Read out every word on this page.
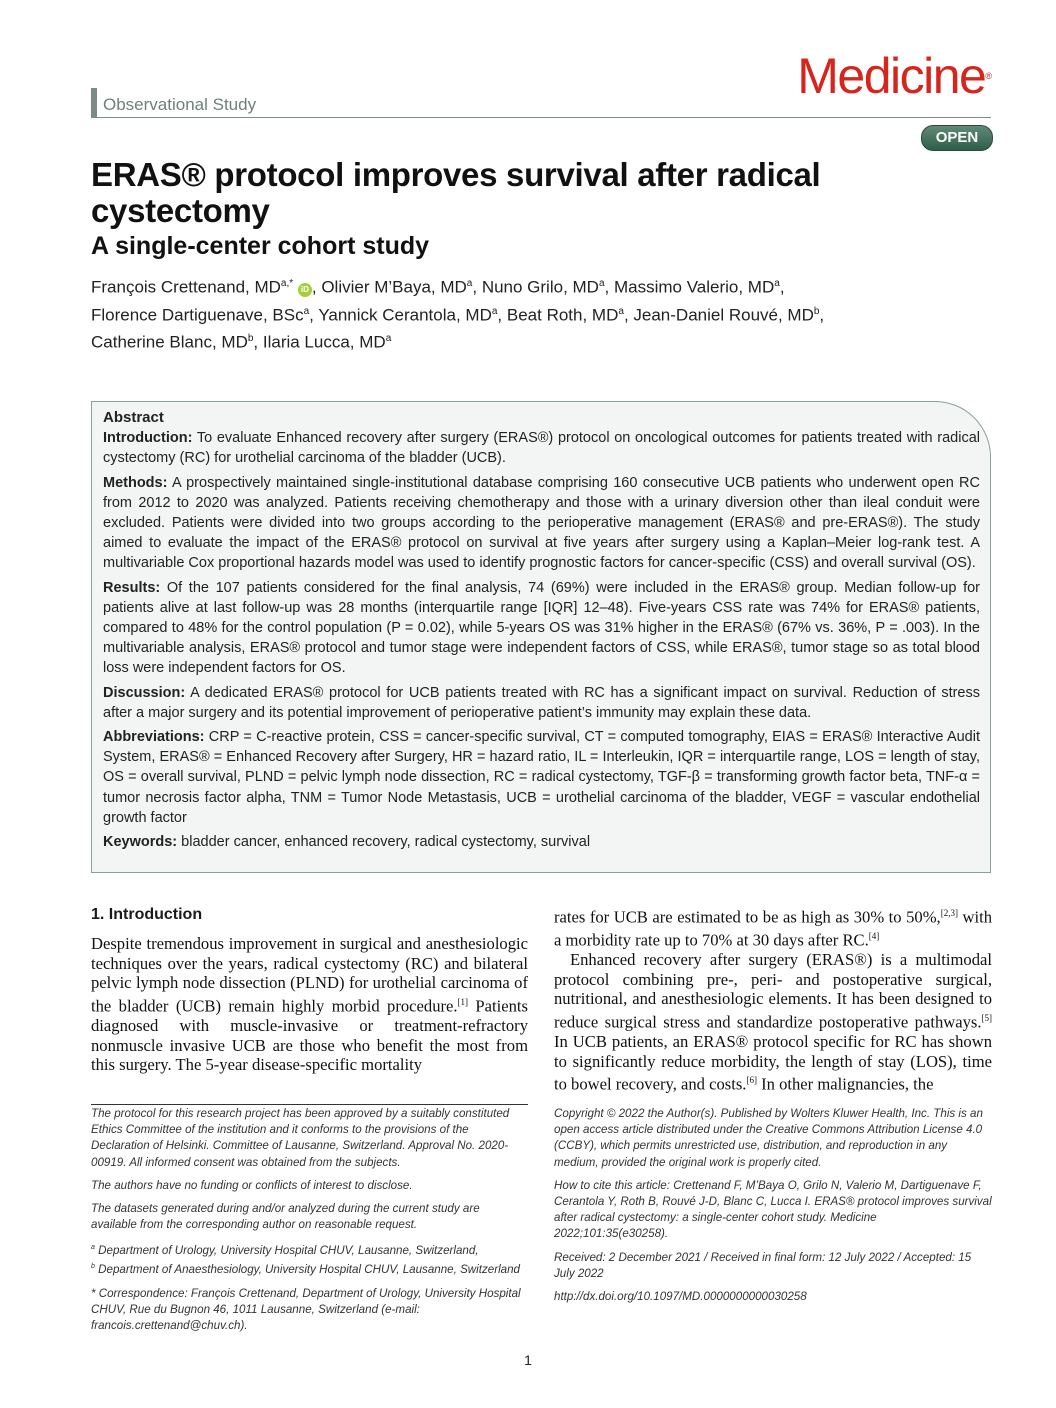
Observational Study
Medicine®
OPEN
ERAS® protocol improves survival after radical cystectomy
A single-center cohort study
François Crettenand, $MD^{a,*}$ iD , Olivier M’Baya, $MD^a$, Nuno Grilo, $MD^a$, Massimo Valerio, $MD^a$,
Florence Dartiguenave, BSc$^a$, Yannick Cerantola, $MD^a$, Beat Roth, $MD^a$, Jean-Daniel Rouvé, $MD^b$,
Catherine Blanc, $MD^b$, Ilaria Lucca, $MD^a$
Abstract

Introduction: To evaluate Enhanced recovery after surgery (ERAS®) protocol on oncological outcomes for patients treated with radical cystectomy (RC) for urothelial carcinoma of the bladder (UCB).

Methods: A prospectively maintained single-institutional database comprising 160 consecutive UCB patients who underwent open RC from 2012 to 2020 was analyzed. Patients receiving chemotherapy and those with a urinary diversion other than ileal conduit were excluded. Patients were divided into two groups according to the perioperative management (ERAS® and pre-ERAS®). The study aimed to evaluate the impact of the ERAS® protocol on survival at five years after surgery using a Kaplan–Meier log-rank test. A multivariable Cox proportional hazards model was used to identify prognostic factors for cancer-specific (CSS) and overall survival (OS).

Results: Of the 107 patients considered for the final analysis, 74 (69%) were included in the ERAS® group. Median follow-up for patients alive at last follow-up was 28 months (interquartile range [IQR] 12–48). Five-years CSS rate was 74% for ERAS® patients, compared to 48% for the control population (P = 0.02), while 5-years OS was 31% higher in the ERAS® (67% vs. 36%, P = .003). In the multivariable analysis, ERAS® protocol and tumor stage were independent factors of CSS, while ERAS®, tumor stage so as total blood loss were independent factors for OS.

Discussion: A dedicated ERAS® protocol for UCB patients treated with RC has a significant impact on survival. Reduction of stress after a major surgery and its potential improvement of perioperative patient’s immunity may explain these data.

Abbreviations: CRP = C-reactive protein, CSS = cancer-specific survival, CT = computed tomography, EIAS = ERAS® Interactive Audit System, ERAS® = Enhanced Recovery after Surgery, HR = hazard ratio, IL = Interleukin, IQR = interquartile range, LOS = length of stay, OS = overall survival, PLND = pelvic lymph node dissection, RC = radical cystectomy, TGF-β = transforming growth factor beta, TNF-α = tumor necrosis factor alpha, TNM = Tumor Node Metastasis, UCB = urothelial carcinoma of the bladder, VEGF = vascular endothelial growth factor

Keywords: bladder cancer, enhanced recovery, radical cystectomy, survival

1. Introduction

Despite tremendous improvement in surgical and anesthesiologic techniques over the years, radical cystectomy (RC) and bilateral pelvic lymph node dissection (PLND) for urothelial carcinoma of the bladder (UCB) remain highly morbid procedure.[1] Patients diagnosed with muscle-invasive or treatment-refractory nonmuscle invasive UCB are those who benefit the most from this surgery. The 5-year disease-specific mortality

rates for UCB are estimated to be as high as 30% to 50%,[2,3] with a morbidity rate up to 70% at 30 days after RC.[4]

Enhanced recovery after surgery (ERAS®) is a multimodal protocol combining pre-, peri- and postoperative surgical, nutritional, and anesthesiologic elements. It has been designed to reduce surgical stress and standardize postoperative pathways.[5] In UCB patients, an ERAS® protocol specific for RC has shown to significantly reduce morbidity, the length of stay (LOS), time to bowel recovery, and costs.[6] In other malignancies, the

The protocol for this research project has been approved by a suitably constituted Ethics Committee of the institution and it conforms to the provisions of the Declaration of Helsinki. Committee of Lausanne, Switzerland. Approval No. 2020-00919. All informed consent was obtained from the subjects.

The authors have no funding or conflicts of interest to disclose.

The datasets generated during and/or analyzed during the current study are available from the corresponding author on reasonable request.

$^a$ Department of Urology, University Hospital CHUV, Lausanne, Switzerland,
$^b$ Department of Anaesthesiology, University Hospital CHUV, Lausanne, Switzerland

* Correspondence: François Crettenand, Department of Urology, University Hospital CHUV, Rue du Bugnon 46, 1011 Lausanne, Switzerland (e-mail: francois.crettenand@chuv.ch).

Copyright © 2022 the Author(s). Published by Wolters Kluwer Health, Inc. This is an open access article distributed under the Creative Commons Attribution License 4.0 (CCBY), which permits unrestricted use, distribution, and reproduction in any medium, provided the original work is properly cited.

How to cite this article: Crettenand F, M’Baya O, Grilo N, Valerio M, Dartiguenave F, Cerantola Y, Roth B, Rouvé J-D, Blanc C, Lucca I. ERAS® protocol improves survival after radical cystectomy: a single-center cohort study. Medicine 2022;101:35(e30258).

Received: 2 December 2021 / Received in final form: 12 July 2022 / Accepted: 15 July 2022

http://dx.doi.org/10.1097/MD.0000000000030258

1
